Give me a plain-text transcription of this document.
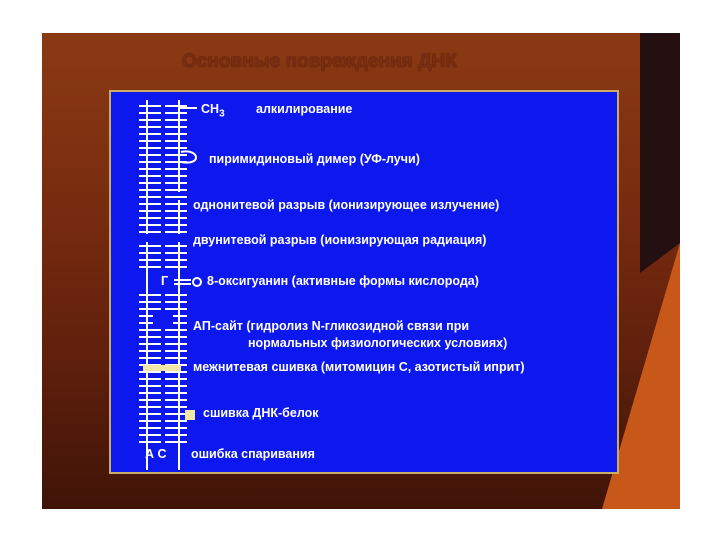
Основные повреждения ДНК
$CH_3$	алкилирование
пиримидиновый димер (УФ-лучи)
однонитевой разрыв (ионизирующее излучение)
двунитевой разрыв (ионизирующая радиация)
Г	8-оксигуанин (активные формы кислорода)
АП-сайт (гидролиз N-гликозидной связи при
нормальных физиологических условиях)
межнитевая сшивка (митомицин С, азотистый иприт)
сшивка ДНК-белок
А С ошибка спаривания
